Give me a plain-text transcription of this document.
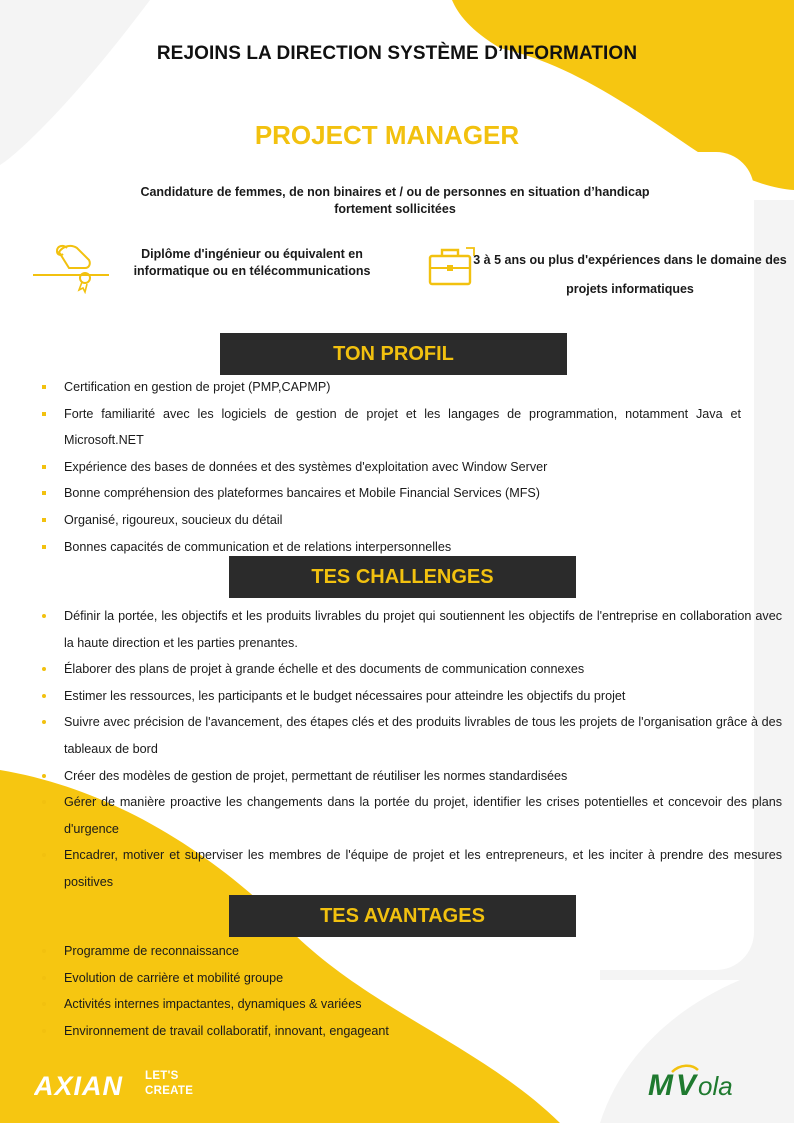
REJOINS LA DIRECTION SYSTÈME D’INFORMATION
PROJECT MANAGER
Candidature de femmes, de non binaires et / ou de personnes en situation d’handicap
fortement sollicitées
Diplôme d'ingénieur ou équivalent en
informatique ou en télécommunications
3 à 5 ans ou plus d'expériences dans le domaine des
projets informatiques
TON PROFIL
Certification en gestion de projet (PMP,CAPMP)
Forte familiarité avec les logiciels de gestion de projet et les langages de programmation, notamment Java et Microsoft.NET
Expérience des bases de données et des systèmes d'exploitation avec Window Server
Bonne compréhension des plateformes bancaires et Mobile Financial Services (MFS)
Organisé, rigoureux, soucieux du détail
Bonnes capacités de communication et de relations interpersonnelles
TES CHALLENGES
Définir la portée, les objectifs et les produits livrables du projet qui soutiennent les objectifs de l'entreprise en collaboration avec la haute direction et les parties prenantes.
Élaborer des plans de projet à grande échelle et des documents de communication connexes
Estimer les ressources, les participants et le budget nécessaires pour atteindre les objectifs du projet
Suivre avec précision de l'avancement, des étapes clés et des produits livrables de tous les projets de l'organisation grâce à des tableaux de bord
Créer des modèles de gestion de projet, permettant de réutiliser les normes standardisées
Gérer de manière proactive les changements dans la portée du projet, identifier les crises potentielles et concevoir des plans d'urgence
Encadrer, motiver et superviser les membres de l'équipe de projet et les entrepreneurs, et les inciter à prendre des mesures positives
TES AVANTAGES
Programme de reconnaissance
Evolution de carrière et mobilité groupe
Activités internes impactantes, dynamiques & variées
Environnement de travail collaboratif, innovant, engageant
AXIAN LET'S
CREATE	M V ola
